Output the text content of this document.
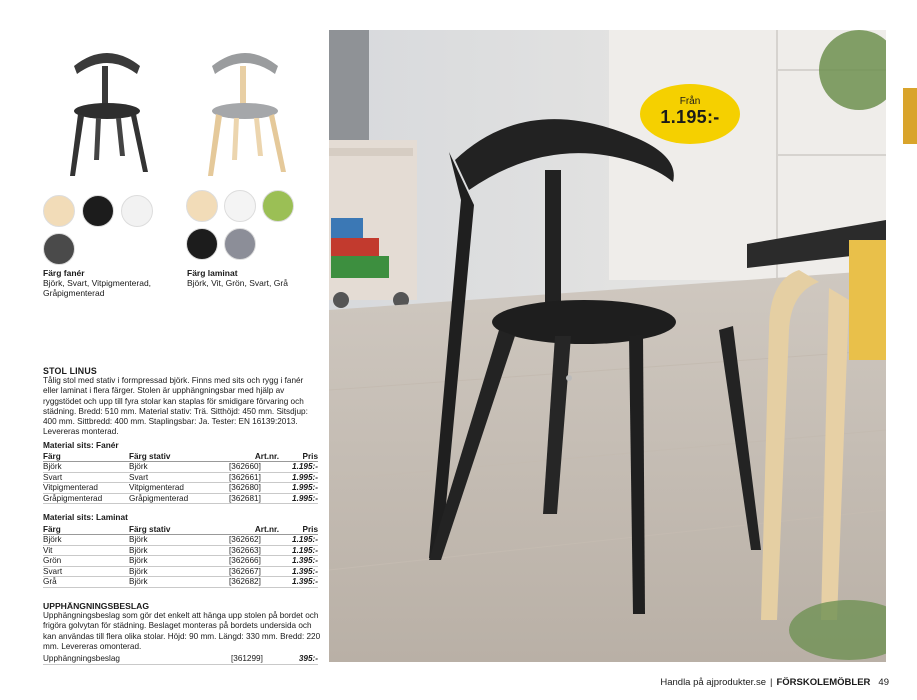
Färg fanér
Björk, Svart, Vitpigmenterad, Gråpigmenterad
Färg laminat
Björk, Vit, Grön, Svart, Grå
STOL LINUS
Tålig stol med stativ i formpressad björk. Finns med sits och rygg i fanér eller laminat i flera färger. Stolen är upphängningsbar med hjälp av ryggstödet och upp till fyra stolar kan staplas för smidigare förvaring och städning. Bredd: 510 mm. Material stativ: Trä. Sitthöjd: 450 mm. Sitsdjup: 400 mm. Sittbredd: 400 mm. Staplingsbar: Ja. Tester: EN 16139:2013. Levereras monterad.
Material sits: Fanér
Färg	Färg stativ	Art.nr.	Pris
Björk	Björk	[362660]	1.195:-
Svart	Svart	[362661]	1.995:-
Vitpigmenterad	Vitpigmenterad	[362680]	1.995:-
Gråpigmenterad	Gråpigmenterad	[362681]	1.995:-
Material sits: Laminat
Färg	Färg stativ	Art.nr.	Pris
Björk	Björk	[362662]	1.195:-
Vit	Björk	[362663]	1.195:-
Grön	Björk	[362666]	1.395:-
Svart	Björk	[362667]	1.395:-
Grå	Björk	[362682]	1.395:-
UPPHÄNGNINGSBESLAG
Upphängningsbeslag som gör det enkelt att hänga upp stolen på bordet och frigöra golvytan för städning. Beslaget monteras på bordets undersida och kan användas till flera olika stolar. Höjd: 90 mm. Längd: 330 mm. Bredd: 220 mm. Levereras omonterad.
Upphängningsbeslag	[361299]	395:-
Från
1.195:-
Handla på ajprodukter.se | FÖRSKOLEMÖBLER 49
